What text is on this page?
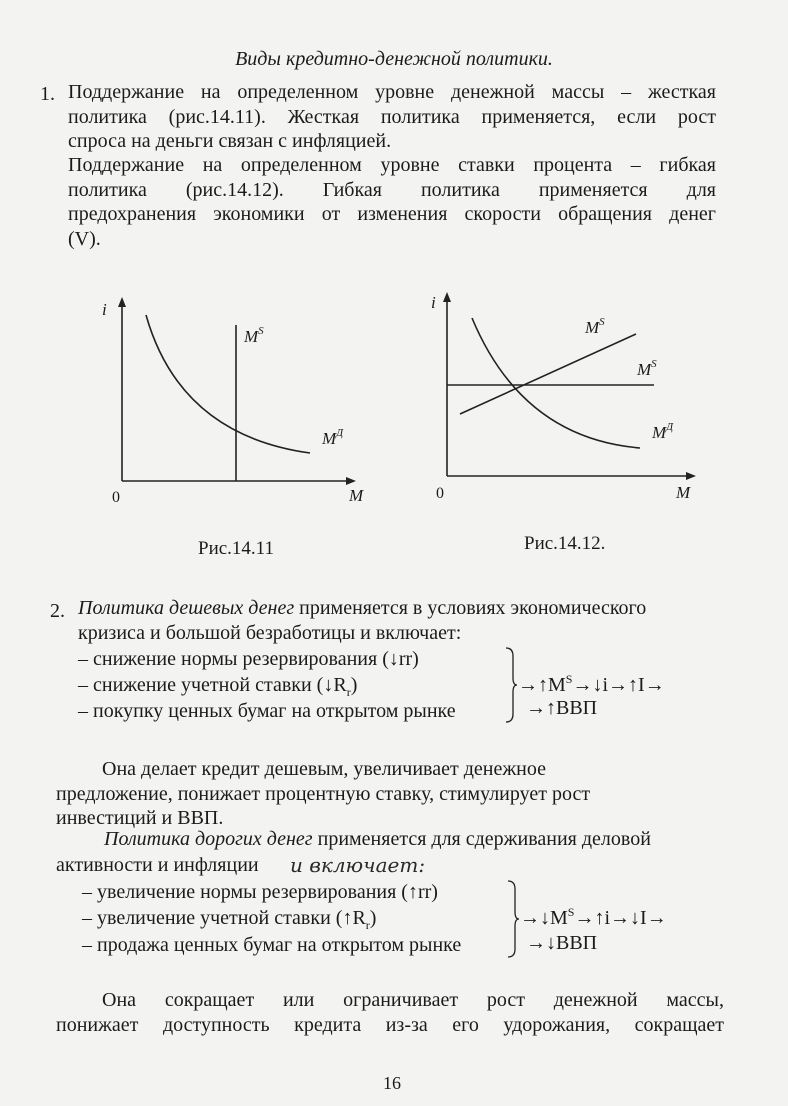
Виды кредитно-денежной политики.
1. Поддержание на определенном уровне денежной массы – жесткая
политика (рис.14.11). Жесткая политика применяется, если рост
спроса на деньги связан с инфляцией.
Поддержание на определенном уровне ставки процента – гибкая
политика (рис.14.12). Гибкая политика применяется для
предохранения экономики от изменения скорости обращения денег
(V).
i
M
0
$M^S$
$M^Д$
Рис.14.11
i
M
0
$M^S$
$M^S$
$M^Д$
Рис.14.12.
2. Политика дешевых денег применяется в условиях экономического
кризиса и большой безработицы и включает:
– снижение нормы резервирования (↓rr)
– снижение учетной ставки $(↓R_r)$
– покупку ценных бумаг на открытом рынке
$\to↑M^S\to↓i\to↑I\to$
→↑ВВП
Она делает кредит дешевым, увеличивает денежное
предложение, понижает процентную ставку, стимулирует рост
инвестиций и ВВП.
Политика дорогих денег применяется для сдерживания деловой
активности и инфляции и включает:
– увеличение нормы резервирования (↑rr)
– увеличение учетной ставки $(↑R_r)$
– продажа ценных бумаг на открытом рынке
$\to↓M^S\to↑i\to↓I\to$
→↓ВВП
Она сокращает или ограничивает рост денежной массы,
понижает доступность кредита из-за его удорожания, сокращает
16
